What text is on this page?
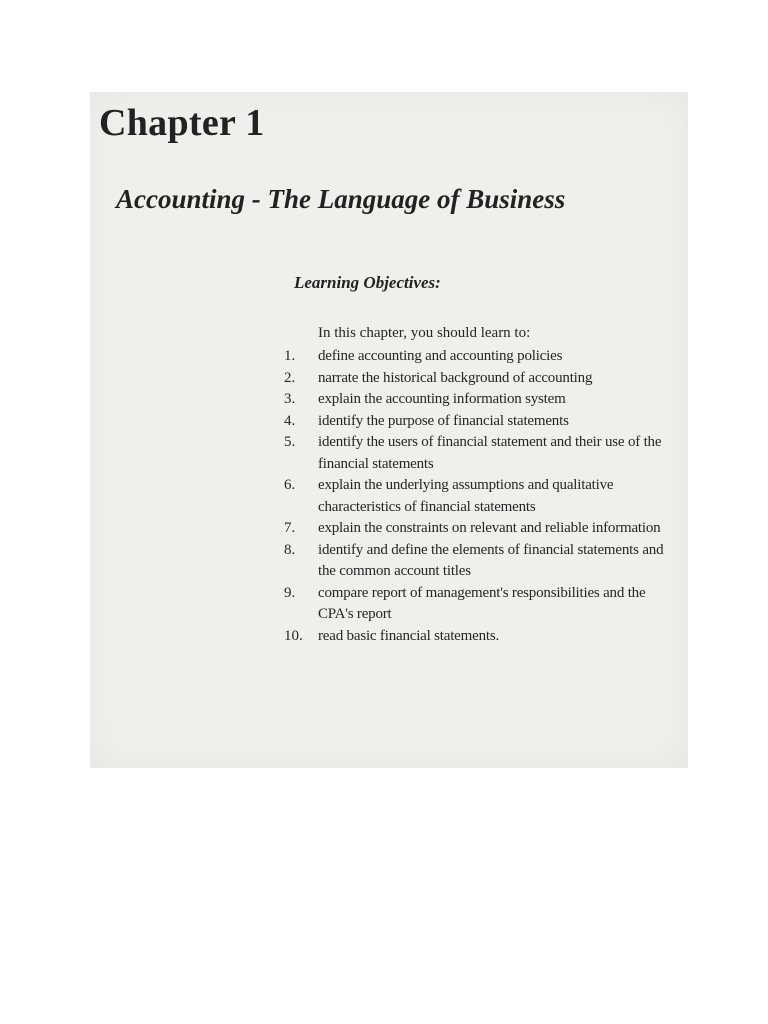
Chapter 1
Accounting - The Language of Business
Learning Objectives:

In this chapter, you should learn to:

1.	define accounting and accounting policies
2.	narrate the historical background of accounting
3.	explain the accounting information system
4.	identify the purpose of financial statements
5.	identify the users of financial statement and their use of the financial statements
6.	explain the underlying assumptions and qualitative characteristics of financial statements
7.	explain the constraints on relevant and reliable information
8.	identify and define the elements of financial statements and the common account titles
9.	compare report of management's responsibilities and the CPA's report
10.	read basic financial statements.
